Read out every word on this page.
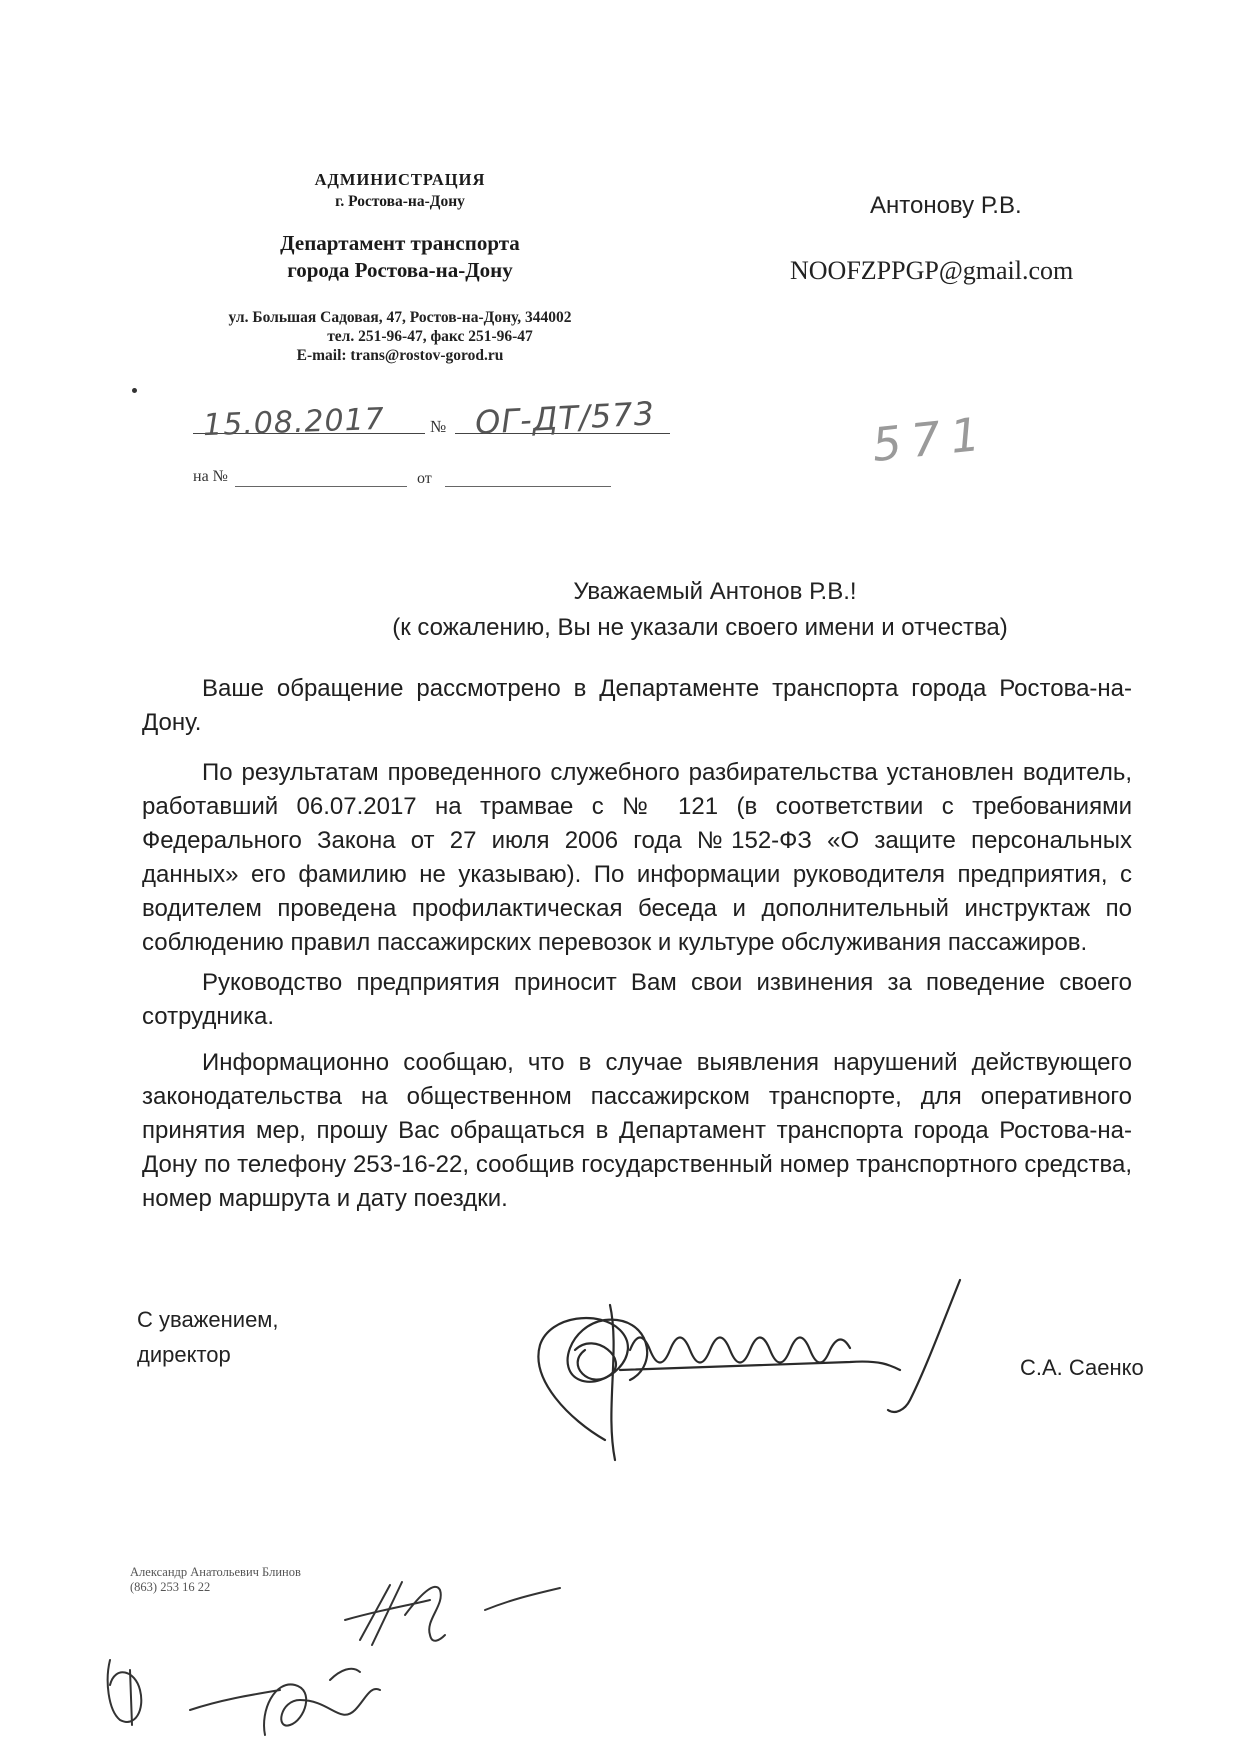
АДМИНИСТРАЦИЯ
г. Ростова-на-Дону
Департамент транспорта
города Ростова-на-Дону
ул. Большая Садовая, 47, Ростов-на-Дону, 344002
тел. 251-96-47, факс 251-96-47
E-mail: trans@rostov-gorod.ru
15.08.2017	№ ОГ-ДТ/573
на №	от
Антонову Р.В.
NOOFZPPGP@gmail.com
571
Уважаемый Антонов Р.В.!
(к сожалению, Вы не указали своего имени и отчества)

Ваше обращение рассмотрено в Департаменте транспорта города Ростова-на-Дону.

По результатам проведенного служебного разбирательства установлен водитель, работавший 06.07.2017 на трамвае с № 121 (в соответствии с требованиями Федерального Закона от 27 июля 2006 года №152-ФЗ «О защите персональных данных» его фамилию не указываю). По информации руководителя предприятия, с водителем проведена профилактическая беседа и дополнительный инструктаж по соблюдению правил пассажирских перевозок и культуре обслуживания пассажиров.

Руководство предприятия приносит Вам свои извинения за поведение своего сотрудника.

Информационно сообщаю, что в случае выявления нарушений действующего законодательства на общественном пассажирском транспорте, для оперативного принятия мер, прошу Вас обращаться в Департамент транспорта города Ростова-на-Дону по телефону 253-16-22, сообщив государственный номер транспортного средства, номер маршрута и дату поездки.

С уважением,
директор
С.А. Саенко
Александр Анатольевич Блинов
(863) 253 16 22
